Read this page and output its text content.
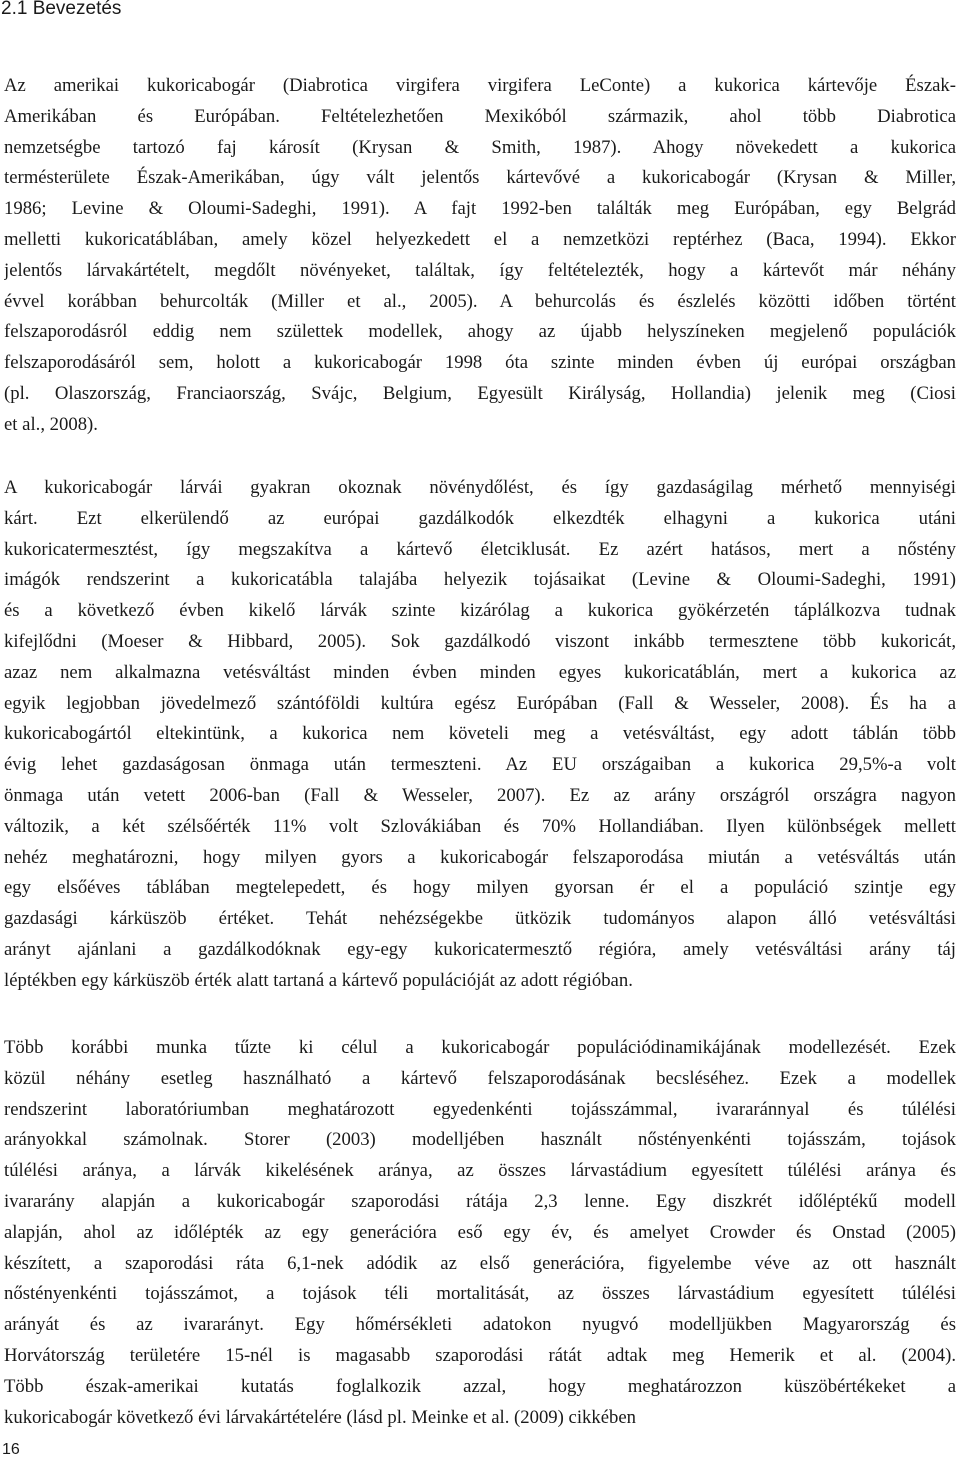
2.1 Bevezetés

Az amerikai kukoricabogár (Diabrotica virgifera virgifera LeConte) a kukorica kártevője Észak-
Amerikában és Európában. Feltételezhetően Mexikóból származik, ahol több Diabrotica
nemzetségbe tartozó faj károsít (Krysan & Smith, 1987). Ahogy növekedett a kukorica
termésterülete Észak-Amerikában, úgy vált jelentős kártevővé a kukoricabogár (Krysan & Miller,
1986; Levine & Oloumi-Sadeghi, 1991). A fajt 1992-ben találták meg Európában, egy Belgrád
melletti kukoricatáblában, amely közel helyezkedett el a nemzetközi reptérhez (Baca, 1994). Ekkor
jelentős lárvakártételt, megdőlt növényeket, találtak, így feltételezték, hogy a kártevőt már néhány
évvel korábban behurcolták (Miller et al., 2005). A behurcolás és észlelés közötti időben történt
felszaporodásról eddig nem születtek modellek, ahogy az újabb helyszíneken megjelenő populációk
felszaporodásáról sem, holott a kukoricabogár 1998 óta szinte minden évben új európai országban
(pl. Olaszország, Franciaország, Svájc, Belgium, Egyesült Királyság, Hollandia) jelenik meg (Ciosi
et al., 2008).

A kukoricabogár lárvái gyakran okoznak növénydőlést, és így gazdaságilag mérhető mennyiségi
kárt. Ezt elkerülendő az európai gazdálkodók elkezdték elhagyni a kukorica utáni
kukoricatermesztést, így megszakítva a kártevő életciklusát. Ez azért hatásos, mert a nőstény
imágók rendszerint a kukoricatábla talajába helyezik tojásaikat (Levine & Oloumi-Sadeghi, 1991)
és a következő évben kikelő lárvák szinte kizárólag a kukorica gyökérzetén táplálkozva tudnak
kifejlődni (Moeser & Hibbard, 2005). Sok gazdálkodó viszont inkább termesztene több kukoricát,
azaz nem alkalmazna vetésváltást minden évben minden egyes kukoricatáblán, mert a kukorica az
egyik legjobban jövedelmező szántóföldi kultúra egész Európában (Fall & Wesseler, 2008). És ha a
kukoricabogártól eltekintünk, a kukorica nem követeli meg a vetésváltást, egy adott táblán több
évig lehet gazdaságosan önmaga után termeszteni. Az EU országaiban a kukorica 29,5%-a volt
önmaga után vetett 2006-ban (Fall & Wesseler, 2007). Ez az arány országról országra nagyon
változik, a két szélsőérték 11% volt Szlovákiában és 70% Hollandiában. Ilyen különbségek mellett
nehéz meghatározni, hogy milyen gyors a kukoricabogár felszaporodása miután a vetésváltás után
egy elsőéves táblában megtelepedett, és hogy milyen gyorsan ér el a populáció szintje egy
gazdasági kárküszöb értéket. Tehát nehézségekbe ütközik tudományos alapon álló vetésváltási
arányt ajánlani a gazdálkodóknak egy-egy kukoricatermesztő régióra, amely vetésváltási arány táj
léptékben egy kárküszöb érték alatt tartaná a kártevő populációját az adott régióban.

Több korábbi munka tűzte ki célul a kukoricabogár populációdinamikájának modellezését. Ezek
közül néhány esetleg használható a kártevő felszaporodásának becsléséhez. Ezek a modellek
rendszerint laboratóriumban meghatározott egyedenkénti tojásszámmal, ivararánnyal és túlélési
arányokkal számolnak. Storer (2003) modelljében használt nőstényenkénti tojásszám, tojások
túlélési aránya, a lárvák kikelésének aránya, az összes lárvastádium egyesített túlélési aránya és
ivararány alapján a kukoricabogár szaporodási rátája 2,3 lenne. Egy diszkrét időléptékű modell
alapján, ahol az időlépték az egy generációra eső egy év, és amelyet Crowder és Onstad (2005)
készített, a szaporodási ráta 6,1-nek adódik az első generációra, figyelembe véve az ott használt
nőstényenkénti tojásszámot, a tojások téli mortalitását, az összes lárvastádium egyesített túlélési
arányát és az ivararányt. Egy hőmérsékleti adatokon nyugvó modelljükben Magyarország és
Horvátország területére 15-nél is magasabb szaporodási rátát adtak meg Hemerik et al. (2004).
Több észak-amerikai kutatás foglalkozik azzal, hogy meghatározzon küszöbértékeket a
kukoricabogár következő évi lárvakártételére (lásd pl. Meinke et al. (2009) cikkében

16
